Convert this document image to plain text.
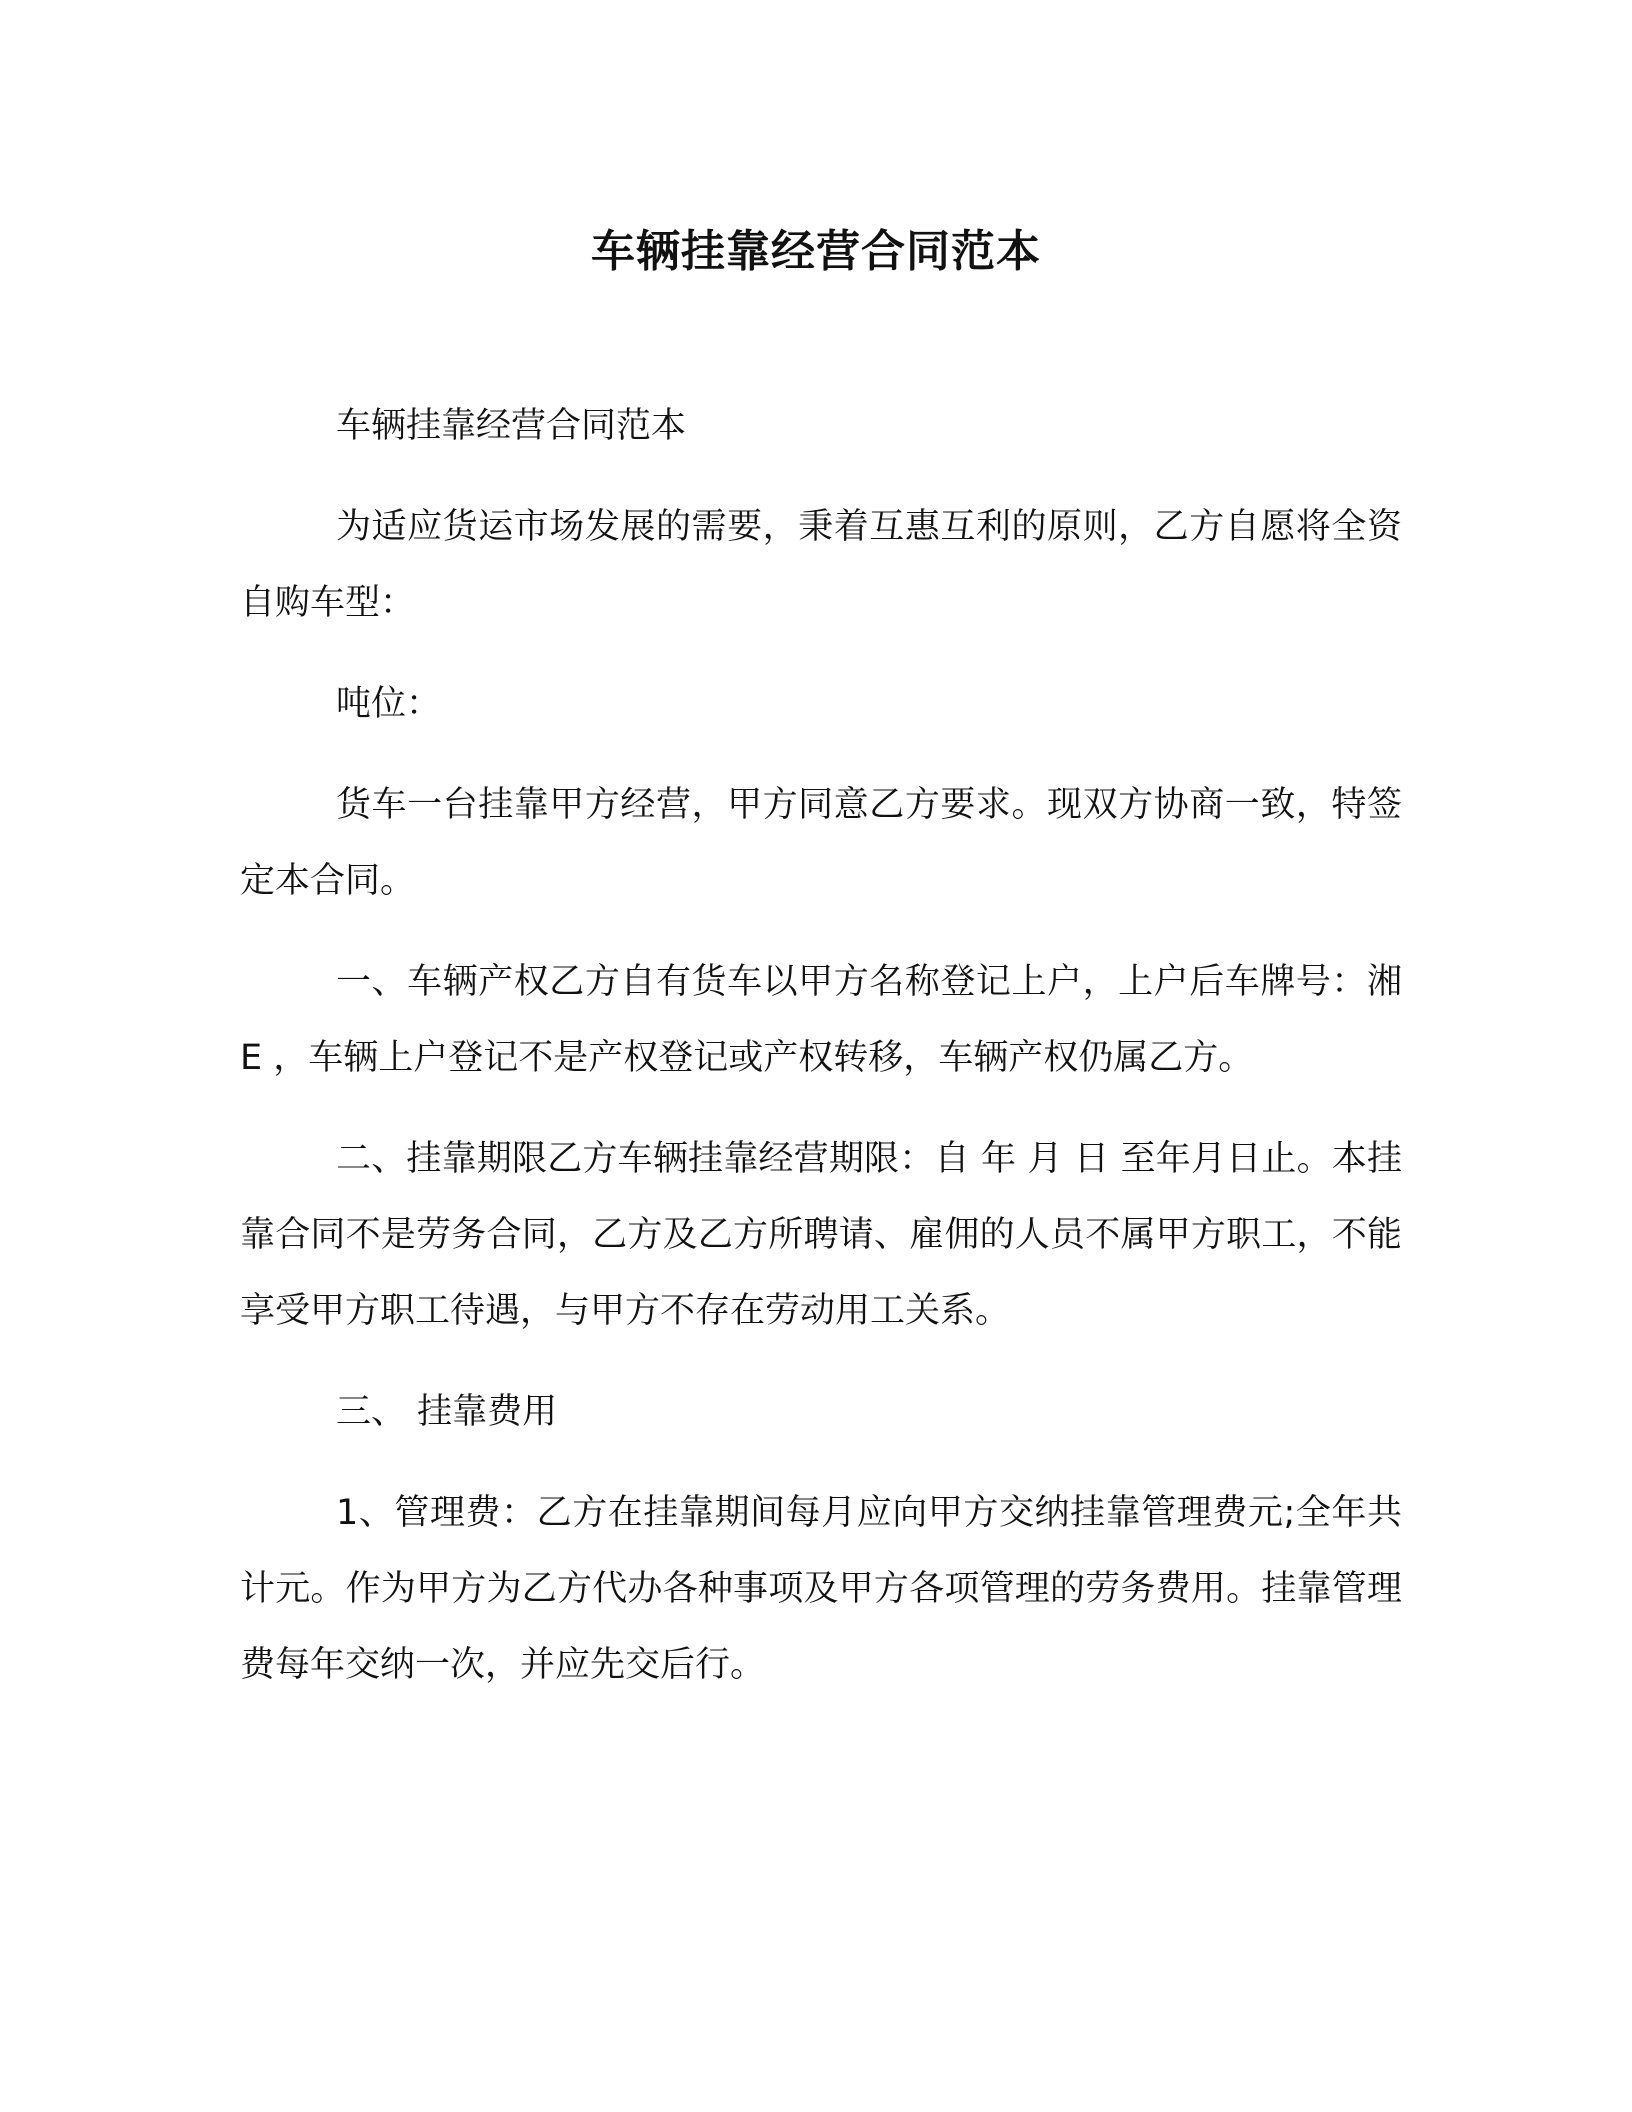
车辆挂靠经营合同范本

车辆挂靠经营合同范本

为适应货运市场发展的需要，秉着互惠互利的原则，乙方自愿将全资自购车型：

吨位：

货车一台挂靠甲方经营，甲方同意乙方要求。现双方协商一致，特签定本合同。

一、车辆产权乙方自有货车以甲方名称登记上户，上户后车牌号：湘 E ，车辆上户登记不是产权登记或产权转移，车辆产权仍属乙方。

二、挂靠期限乙方车辆挂靠经营期限：自 年 月 日 至年月日止。本挂靠合同不是劳务合同，乙方及乙方所聘请、雇佣的人员不属甲方职工，不能享受甲方职工待遇，与甲方不存在劳动用工关系。

三、 挂靠费用

1、管理费：乙方在挂靠期间每月应向甲方交纳挂靠管理费元;全年共计元。作为甲方为乙方代办各种事项及甲方各项管理的劳务费用。挂靠管理费每年交纳一次，并应先交后行。
